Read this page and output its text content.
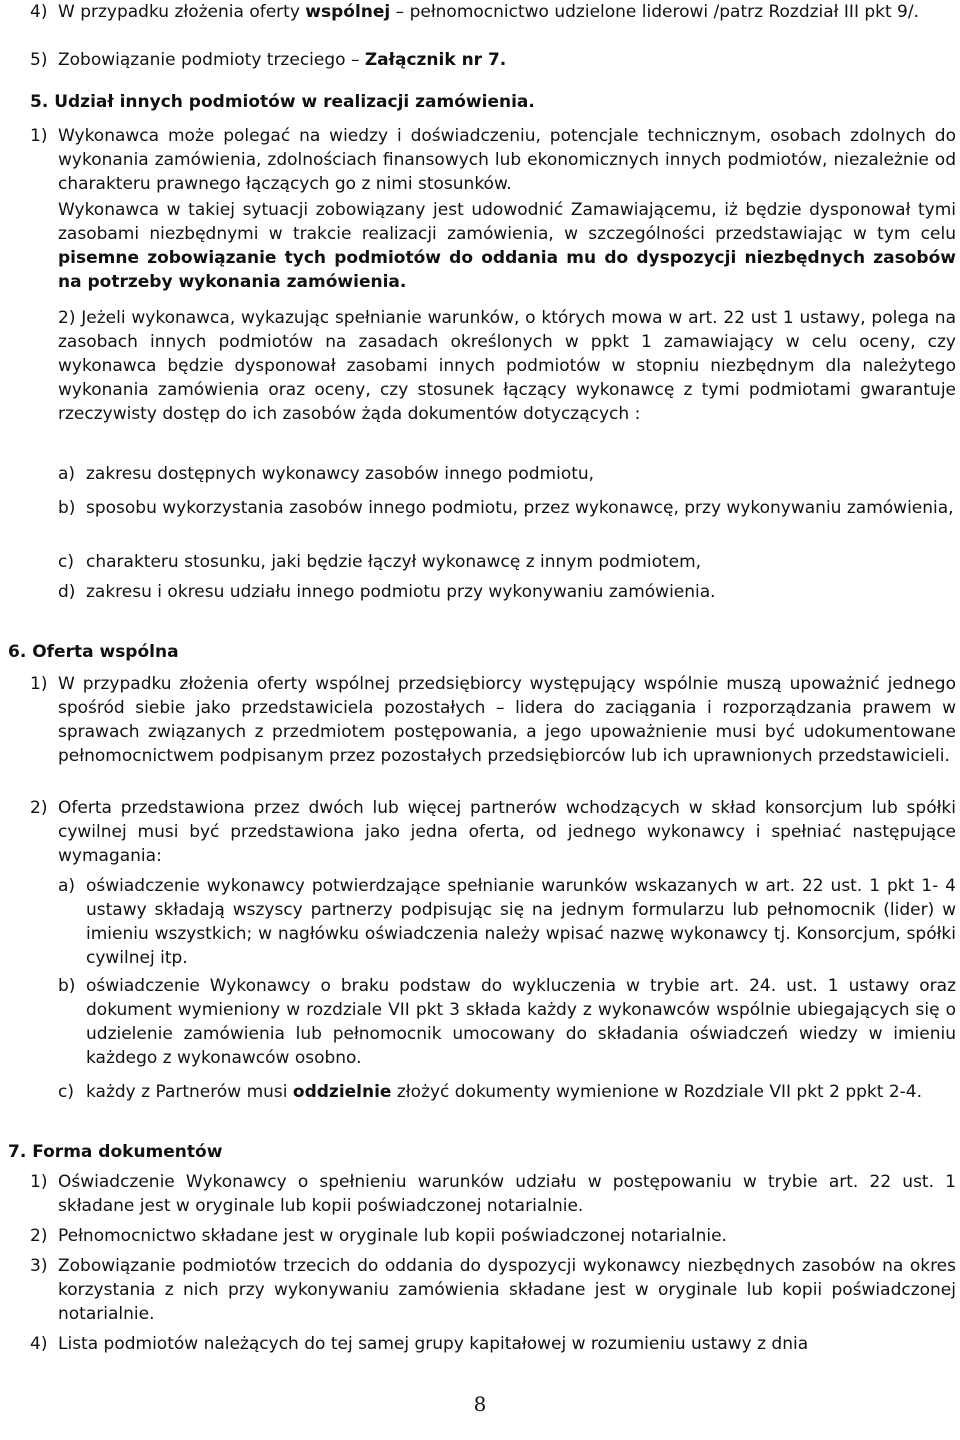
4) W przypadku złożenia oferty wspólnej – pełnomocnictwo udzielone liderowi /patrz Rozdział III pkt 9/.
5) Zobowiązanie podmioty trzeciego – Załącznik nr 7.
5. Udział innych podmiotów w realizacji zamówienia.
1) Wykonawca może polegać na wiedzy i doświadczeniu, potencjale technicznym, osobach zdolnych do wykonania zamówienia, zdolnościach finansowych lub ekonomicznych innych podmiotów, niezależnie od charakteru prawnego łączących go z nimi stosunków.
Wykonawca w takiej sytuacji zobowiązany jest udowodnić Zamawiającemu, iż będzie dysponował tymi zasobami niezbędnymi w trakcie realizacji zamówienia, w szczególności przedstawiając w tym celu pisemne zobowiązanie tych podmiotów do oddania mu do dyspozycji niezbędnych zasobów na potrzeby wykonania zamówienia.
2) Jeżeli wykonawca, wykazując spełnianie warunków, o których mowa w art. 22 ust 1 ustawy, polega na zasobach innych podmiotów na zasadach określonych w ppkt 1 zamawiający w celu oceny, czy wykonawca będzie dysponował zasobami innych podmiotów w stopniu niezbędnym dla należytego wykonania zamówienia oraz oceny, czy stosunek łączący wykonawcę z tymi podmiotami gwarantuje rzeczywisty dostęp do ich zasobów żąda dokumentów dotyczących :
a) zakresu dostępnych wykonawcy zasobów innego podmiotu,
b) sposobu wykorzystania zasobów innego podmiotu, przez wykonawcę, przy wykonywaniu zamówienia,
c) charakteru stosunku, jaki będzie łączył wykonawcę z innym podmiotem,
d) zakresu i okresu udziału innego podmiotu przy wykonywaniu zamówienia.
6. Oferta wspólna
1) W przypadku złożenia oferty wspólnej przedsiębiorcy występujący wspólnie muszą upoważnić jednego spośród siebie jako przedstawiciela pozostałych – lidera do zaciągania i rozporządzania prawem w sprawach związanych z przedmiotem postępowania, a jego upoważnienie musi być udokumentowane pełnomocnictwem podpisanym przez pozostałych przedsiębiorców lub ich uprawnionych przedstawicieli.
2) Oferta przedstawiona przez dwóch lub więcej partnerów wchodzących w skład konsorcjum lub spółki cywilnej musi być przedstawiona jako jedna oferta, od jednego wykonawcy i spełniać następujące wymagania:
a) oświadczenie wykonawcy potwierdzające spełnianie warunków wskazanych w art. 22 ust. 1 pkt 1- 4 ustawy składają wszyscy partnerzy podpisując się na jednym formularzu lub pełnomocnik (lider) w imieniu wszystkich; w nagłówku oświadczenia należy wpisać nazwę wykonawcy tj. Konsorcjum, spółki cywilnej itp.
b) oświadczenie Wykonawcy o braku podstaw do wykluczenia w trybie art. 24. ust. 1 ustawy oraz dokument wymieniony w rozdziale VII pkt 3 składa każdy z wykonawców wspólnie ubiegających się o udzielenie zamówienia lub pełnomocnik umocowany do składania oświadczeń wiedzy w imieniu każdego z wykonawców osobno.
c) każdy z Partnerów musi oddzielnie złożyć dokumenty wymienione w Rozdziale VII pkt 2 ppkt 2-4.
7. Forma dokumentów
1) Oświadczenie Wykonawcy o spełnieniu warunków udziału w postępowaniu w trybie art. 22 ust. 1 składane jest w oryginale lub kopii poświadczonej notarialnie.
2) Pełnomocnictwo składane jest w oryginale lub kopii poświadczonej notarialnie.
3) Zobowiązanie podmiotów trzecich do oddania do dyspozycji wykonawcy niezbędnych zasobów na okres korzystania z nich przy wykonywaniu zamówienia składane jest w oryginale lub kopii poświadczonej notarialnie.
4) Lista podmiotów należących do tej samej grupy kapitałowej w rozumieniu ustawy z dnia
8
